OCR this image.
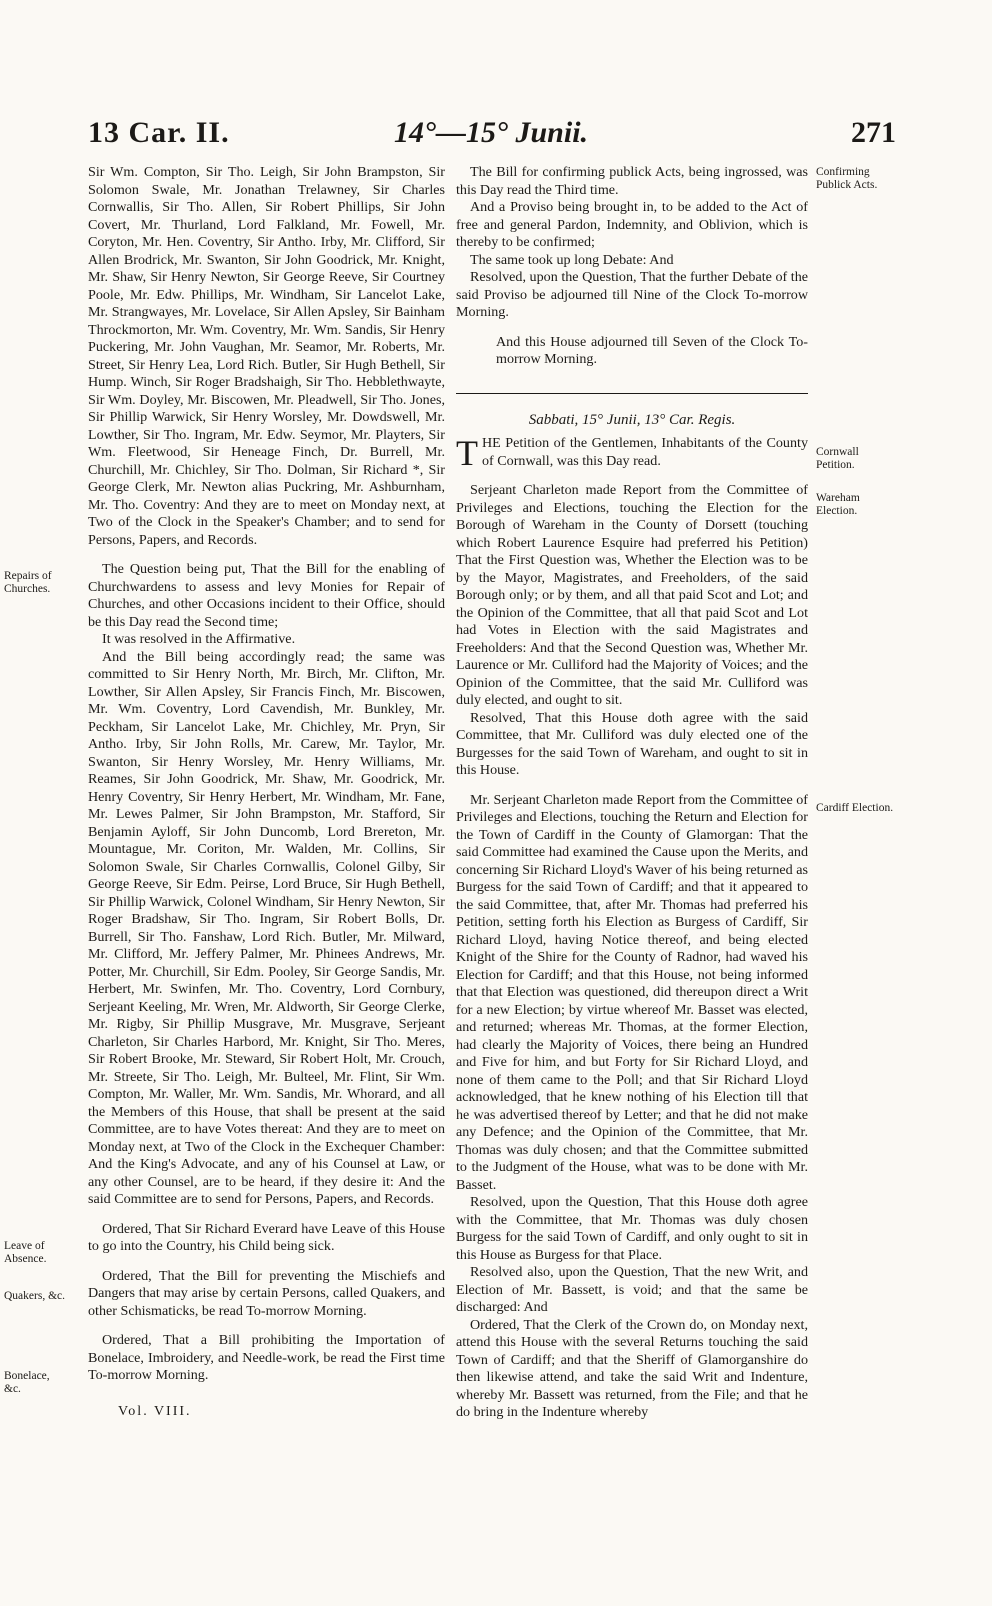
13 Car. II.	14°—15° Junii.	271

Repairs of Churches.
Leave of Absence.
Quakers, &c.
Bonelace, &c.
Confirming Publick Acts.
Cornwall Petition.
Wareham Election.
Cardiff Election.

Sir Wm. Compton, Sir Tho. Leigh, Sir John Brampston, Sir Solomon Swale, Mr. Jonathan Trelawney, Sir Charles Cornwallis, Sir Tho. Allen, Sir Robert Phillips, Sir John Covert, Mr. Thurland, Lord Falkland, Mr. Fowell, Mr. Coryton, Mr. Hen. Coventry, Sir Antho. Irby, Mr. Clifford, Sir Allen Brodrick, Mr. Swanton, Sir John Goodrick, Mr. Knight, Mr. Shaw, Sir Henry Newton, Sir George Reeve, Sir Courtney Poole, Mr. Edw. Phillips, Mr. Windham, Sir Lancelot Lake, Mr. Strangwayes, Mr. Lovelace, Sir Allen Apsley, Sir Bainham Throckmorton, Mr. Wm. Coventry, Mr. Wm. Sandis, Sir Henry Puckering, Mr. John Vaughan, Mr. Seamor, Mr. Roberts, Mr. Street, Sir Henry Lea, Lord Rich. Butler, Sir Hugh Bethell, Sir Hump. Winch, Sir Roger Bradshaigh, Sir Tho. Hebblethwayte, Sir Wm. Doyley, Mr. Biscowen, Mr. Pleadwell, Sir Tho. Jones, Sir Phillip Warwick, Sir Henry Worsley, Mr. Dowdswell, Mr. Lowther, Sir Tho. Ingram, Mr. Edw. Seymor, Mr. Playters, Sir Wm. Fleetwood, Sir Heneage Finch, Dr. Burrell, Mr. Churchill, Mr. Chichley, Sir Tho. Dolman, Sir Richard *, Sir George Clerk, Mr. Newton alias Puckring, Mr. Ashburnham, Mr. Tho. Coventry: And they are to meet on Monday next, at Two of the Clock in the Speaker's Chamber; and to send for Persons, Papers, and Records.

The Question being put, That the Bill for the enabling of Churchwardens to assess and levy Monies for Repair of Churches, and other Occasions incident to their Office, should be this Day read the Second time;

It was resolved in the Affirmative.

And the Bill being accordingly read; the same was committed to Sir Henry North, Mr. Birch, Mr. Clifton, Mr. Lowther, Sir Allen Apsley, Sir Francis Finch, Mr. Biscowen, Mr. Wm. Coventry, Lord Cavendish, Mr. Bunkley, Mr. Peckham, Sir Lancelot Lake, Mr. Chichley, Mr. Pryn, Sir Antho. Irby, Sir John Rolls, Mr. Carew, Mr. Taylor, Mr. Swanton, Sir Henry Worsley, Mr. Henry Williams, Mr. Reames, Sir John Goodrick, Mr. Shaw, Mr. Goodrick, Mr. Henry Coventry, Sir Henry Herbert, Mr. Windham, Mr. Fane, Mr. Lewes Palmer, Sir John Brampston, Mr. Stafford, Sir Benjamin Ayloff, Sir John Duncomb, Lord Brereton, Mr. Mountague, Mr. Coriton, Mr. Walden, Mr. Collins, Sir Solomon Swale, Sir Charles Cornwallis, Colonel Gilby, Sir George Reeve, Sir Edm. Peirse, Lord Bruce, Sir Hugh Bethell, Sir Phillip Warwick, Colonel Windham, Sir Henry Newton, Sir Roger Bradshaw, Sir Tho. Ingram, Sir Robert Bolls, Dr. Burrell, Sir Tho. Fanshaw, Lord Rich. Butler, Mr. Milward, Mr. Clifford, Mr. Jeffery Palmer, Mr. Phinees Andrews, Mr. Potter, Mr. Churchill, Sir Edm. Pooley, Sir George Sandis, Mr. Herbert, Mr. Swinfen, Mr. Tho. Coventry, Lord Cornbury, Serjeant Keeling, Mr. Wren, Mr. Aldworth, Sir George Clerke, Mr. Rigby, Sir Phillip Musgrave, Mr. Musgrave, Serjeant Charleton, Sir Charles Harbord, Mr. Knight, Sir Tho. Meres, Sir Robert Brooke, Mr. Steward, Sir Robert Holt, Mr. Crouch, Mr. Streete, Sir Tho. Leigh, Mr. Bulteel, Mr. Flint, Sir Wm. Compton, Mr. Waller, Mr. Wm. Sandis, Mr. Whorard, and all the Members of this House, that shall be present at the said Committee, are to have Votes thereat: And they are to meet on Monday next, at Two of the Clock in the Exchequer Chamber: And the King's Advocate, and any of his Counsel at Law, or any other Counsel, are to be heard, if they desire it: And the said Committee are to send for Persons, Papers, and Records.

Ordered, That Sir Richard Everard have Leave of this House to go into the Country, his Child being sick.

Ordered, That the Bill for preventing the Mischiefs and Dangers that may arise by certain Persons, called Quakers, and other Schismaticks, be read To-morrow Morning.

Ordered, That a Bill prohibiting the Importation of Bonelace, Imbroidery, and Needle-work, be read the First time To-morrow Morning.

Vol. VIII.

The Bill for confirming publick Acts, being ingrossed, was this Day read the Third time.

And a Proviso being brought in, to be added to the Act of free and general Pardon, Indemnity, and Oblivion, which is thereby to be confirmed;

The same took up long Debate: And

Resolved, upon the Question, That the further Debate of the said Proviso be adjourned till Nine of the Clock To-morrow Morning.

And this House adjourned till Seven of the Clock To-morrow Morning.

Sabbati, 15° Junii, 13° Car. Regis.

THE Petition of the Gentlemen, Inhabitants of the County of Cornwall, was this Day read.

Serjeant Charleton made Report from the Committee of Privileges and Elections, touching the Election for the Borough of Wareham in the County of Dorsett (touching which Robert Laurence Esquire had preferred his Petition) That the First Question was, Whether the Election was to be by the Mayor, Magistrates, and Freeholders, of the said Borough only; or by them, and all that paid Scot and Lot; and the Opinion of the Committee, that all that paid Scot and Lot had Votes in Election with the said Magistrates and Freeholders: And that the Second Question was, Whether Mr. Laurence or Mr. Culliford had the Majority of Voices; and the Opinion of the Committee, that the said Mr. Culliford was duly elected, and ought to sit.

Resolved, That this House doth agree with the said Committee, that Mr. Culliford was duly elected one of the Burgesses for the said Town of Wareham, and ought to sit in this House.

Mr. Serjeant Charleton made Report from the Committee of Privileges and Elections, touching the Return and Election for the Town of Cardiff in the County of Glamorgan: That the said Committee had examined the Cause upon the Merits, and concerning Sir Richard Lloyd's Waver of his being returned as Burgess for the said Town of Cardiff; and that it appeared to the said Committee, that, after Mr. Thomas had preferred his Petition, setting forth his Election as Burgess of Cardiff, Sir Richard Lloyd, having Notice thereof, and being elected Knight of the Shire for the County of Radnor, had waved his Election for Cardiff; and that this House, not being informed that that Election was questioned, did thereupon direct a Writ for a new Election; by virtue whereof Mr. Basset was elected, and returned; whereas Mr. Thomas, at the former Election, had clearly the Majority of Voices, there being an Hundred and Five for him, and but Forty for Sir Richard Lloyd, and none of them came to the Poll; and that Sir Richard Lloyd acknowledged, that he knew nothing of his Election till that he was advertised thereof by Letter; and that he did not make any Defence; and the Opinion of the Committee, that Mr. Thomas was duly chosen; and that the Committee submitted to the Judgment of the House, what was to be done with Mr. Basset.

Resolved, upon the Question, That this House doth agree with the Committee, that Mr. Thomas was duly chosen Burgess for the said Town of Cardiff, and only ought to sit in this House as Burgess for that Place.

Resolved also, upon the Question, That the new Writ, and Election of Mr. Bassett, is void; and that the same be discharged: And

Ordered, That the Clerk of the Crown do, on Monday next, attend this House with the several Returns touching the said Town of Cardiff; and that the Sheriff of Glamorganshire do then likewise attend, and take the said Writ and Indenture, whereby Mr. Bassett was returned, from the File; and that he do bring in the Indenture whereby
